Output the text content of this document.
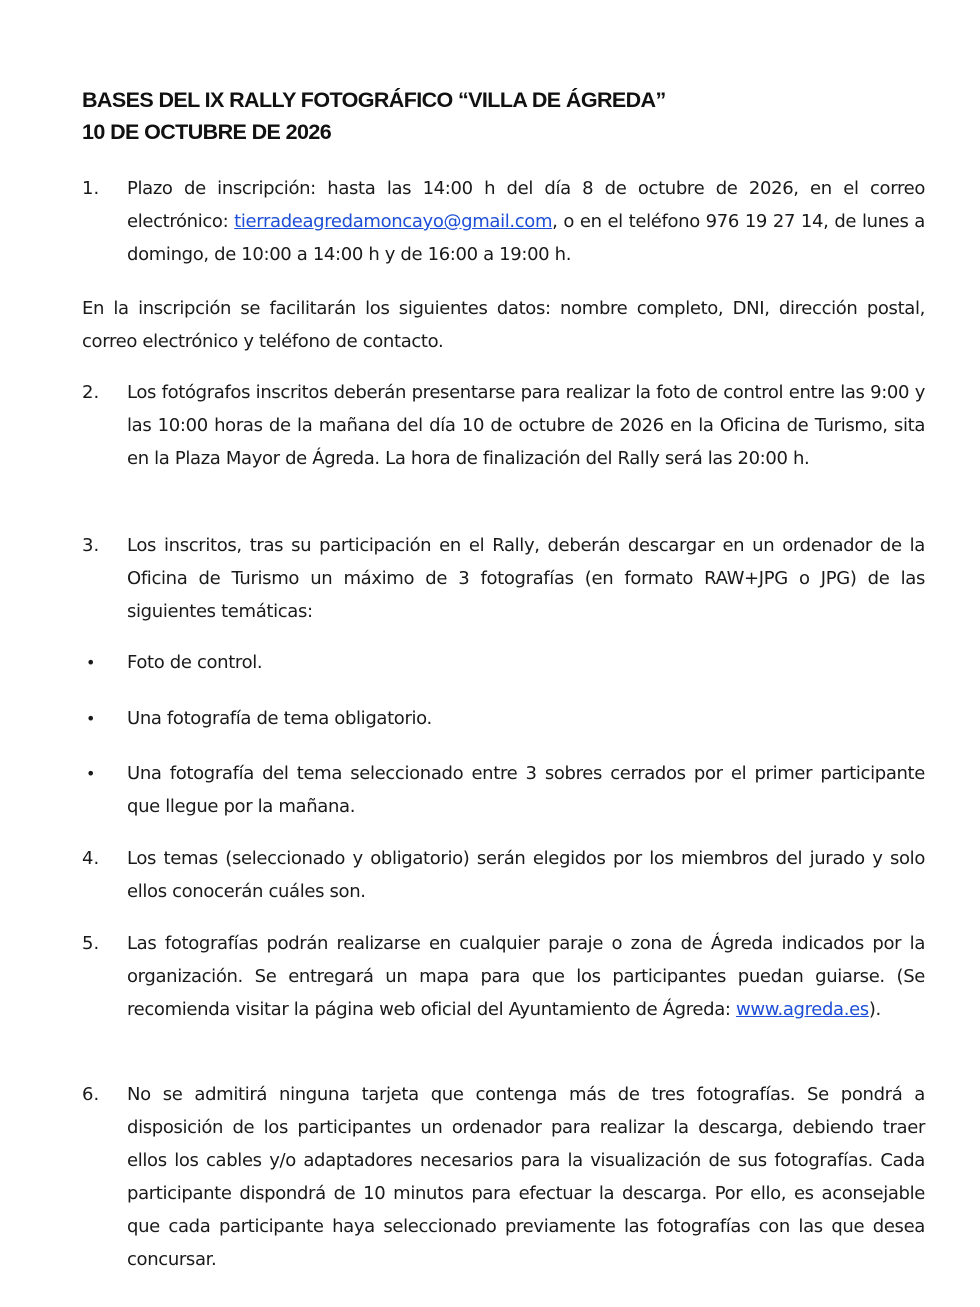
BASES DEL IX RALLY FOTOGRÁFICO “VILLA DE ÁGREDA”
10 DE OCTUBRE DE 2026
1. Plazo de inscripción: hasta las 14:00 h del día 8 de octubre de 2026, en el correo electrónico: tierradeagredamoncayo@gmail.com, o en el teléfono 976 19 27 14, de lunes a domingo, de 10:00 a 14:00 h y de 16:00 a 19:00 h.
En la inscripción se facilitarán los siguientes datos: nombre completo, DNI, dirección postal, correo electrónico y teléfono de contacto.
2. Los fotógrafos inscritos deberán presentarse para realizar la foto de control entre las 9:00 y las 10:00 horas de la mañana del día 10 de octubre de 2026 en la Oficina de Turismo, sita en la Plaza Mayor de Ágreda. La hora de finalización del Rally será las 20:00 h.
3. Los inscritos, tras su participación en el Rally, deberán descargar en un ordenador de la Oficina de Turismo un máximo de 3 fotografías (en formato RAW+JPG o JPG) de las siguientes temáticas:
• Foto de control.
• Una fotografía de tema obligatorio.
• Una fotografía del tema seleccionado entre 3 sobres cerrados por el primer participante que llegue por la mañana.
4. Los temas (seleccionado y obligatorio) serán elegidos por los miembros del jurado y solo ellos conocerán cuáles son.
5. Las fotografías podrán realizarse en cualquier paraje o zona de Ágreda indicados por la organización. Se entregará un mapa para que los participantes puedan guiarse. (Se recomienda visitar la página web oficial del Ayuntamiento de Ágreda: www.agreda.es).
6. No se admitirá ninguna tarjeta que contenga más de tres fotografías. Se pondrá a disposición de los participantes un ordenador para realizar la descarga, debiendo traer ellos los cables y/o adaptadores necesarios para la visualización de sus fotografías. Cada participante dispondrá de 10 minutos para efectuar la descarga. Por ello, es aconsejable que cada participante haya seleccionado previamente las fotografías con las que desea concursar.
